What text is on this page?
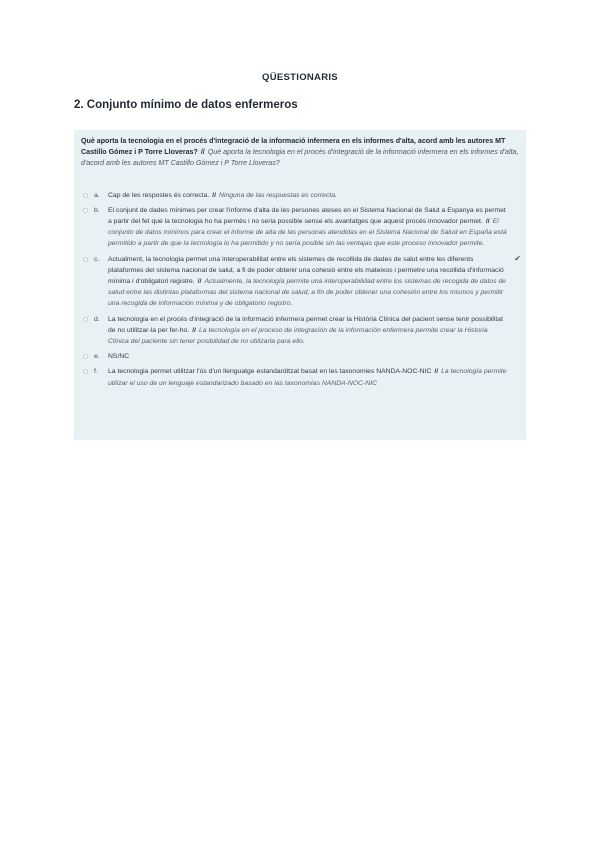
QÜESTIONARIS
2. Conjunto mínimo de datos enfermeros

Què aporta la tecnologia en el procés d'integració de la informació infermera en els informes d'alta, acord amb les autores MT Castillo Gómez i P Torre Lloveras? // Què aporta la tecnologia en el procés d'integració de la informació infermera en els informes d'alta, d'acord amb les autores MT Castillo Gómez i P Torre Lloveras?

a.	Cap de les respostes és correcta. // Ninguna de las respuestas es correcta.
b.	El conjunt de dades mínimes per crear l'informe d'alta de les persones ateses en el Sistema Nacional de Salut a Espanya es permet a partir del fet que la tecnologia ho ha permès i no seria possible sense els avantatges que aquest procés innovador permet. // El conjunto de datos mínimos para crear el informe de alta de las personas atendidas en el Sistema Nacional de Salud en España está permitido a partir de que la tecnología lo ha permitido y no sería posible sin las ventajas que este proceso innovador permite.
c.	Actualment, la tecnologia permet una interoperabilitat entre els sistemes de recollida de dades de salut entre les diferents plataformes del sistema nacional de salut, a fi de poder obtenir una cohesió entre els mateixos i permetre una recollida d'informació mínima i d'obligatori registre. // Actualmente, la tecnología permite una interoperabilidad entre los sistemas de recogida de datos de salud entre las distintas plataformas del sistema nacional de salud, a fin de poder obtener una cohesión entre los mismos y permitir una recogida de información mínima y de obligatorio registro.
✔
d.	La tecnologia en el procés d'integració de la informació infermera permet crear la Història Clínica del pacient sense tenir possibilitat de no utilitzar-la per fer-ho. // La tecnología en el proceso de integración de la información enfermera permite crear la Historia Clínica del paciente sin tener posibilidad de no utilizarla para ello.
e.	NS/NC
f.	La tecnologia permet utilitzar l'ús d'un llenguatge estandarditzat basat en les taxonomies NANDA-NOC-NIC // La tecnología permite utilizar el uso de un lenguaje estandarizado basado en las taxonomías NANDA-NOC-NIC
